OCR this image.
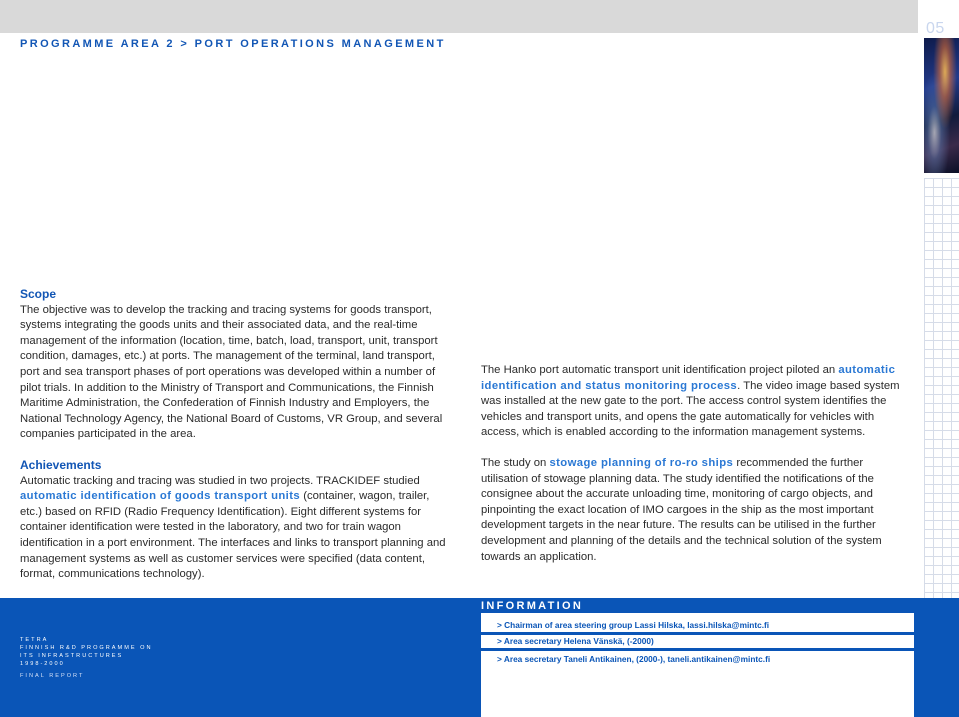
PROGRAMME AREA 2 > PORT OPERATIONS MANAGEMENT
05

Scope

The objective was to develop the tracking and tracing systems for goods transport, systems integrating the goods units and their associated data, and the real-time management of the information (location, time, batch, load, transport, unit, transport condition, damages, etc.) at ports. The management of the terminal, land transport, port and sea transport phases of port operations was developed within a number of pilot trials. In addition to the Ministry of Transport and Communications, the Finnish Maritime Administration, the Confederation of Finnish Industry and Employers, the National Technology Agency, the National Board of Customs, VR Group, and several companies participated in the area.

Achievements

Automatic tracking and tracing was studied in two projects. TRACKIDEF studied automatic identification of goods transport units (container, wagon, trailer, etc.) based on RFID (Radio Frequency Identification). Eight different systems for container identification were tested in the laboratory, and two for train wagon identification in a port environment. The interfaces and links to transport planning and management systems as well as customer services were specified (data content, format, communications technology).

The Hanko port automatic transport unit identification project piloted an automatic identification and status monitoring process. The video image based system was installed at the new gate to the port. The access control system identifies the vehicles and transport units, and opens the gate automatically for vehicles with access, which is enabled according to the information management systems.

The study on stowage planning of ro-ro ships recommended the further utilisation of stowage planning data. The study identified the notifications of the consignee about the accurate unloading time, monitoring of cargo objects, and pinpointing the exact location of IMO cargoes in the ship as the most important development targets in the near future. The results can be utilised in the further development and planning of the details and the technical solution of the system towards an application.

TETRA
FINNISH R&D PROGRAMME ON
ITS INFRASTRUCTURES
1998-2000
FINAL REPORT
INFORMATION
> Chairman of area steering group Lassi Hilska, lassi.hilska@mintc.fi
> Area secretary Helena Vänskä, (-2000)
> Area secretary Taneli Antikainen, (2000-), taneli.antikainen@mintc.fi
